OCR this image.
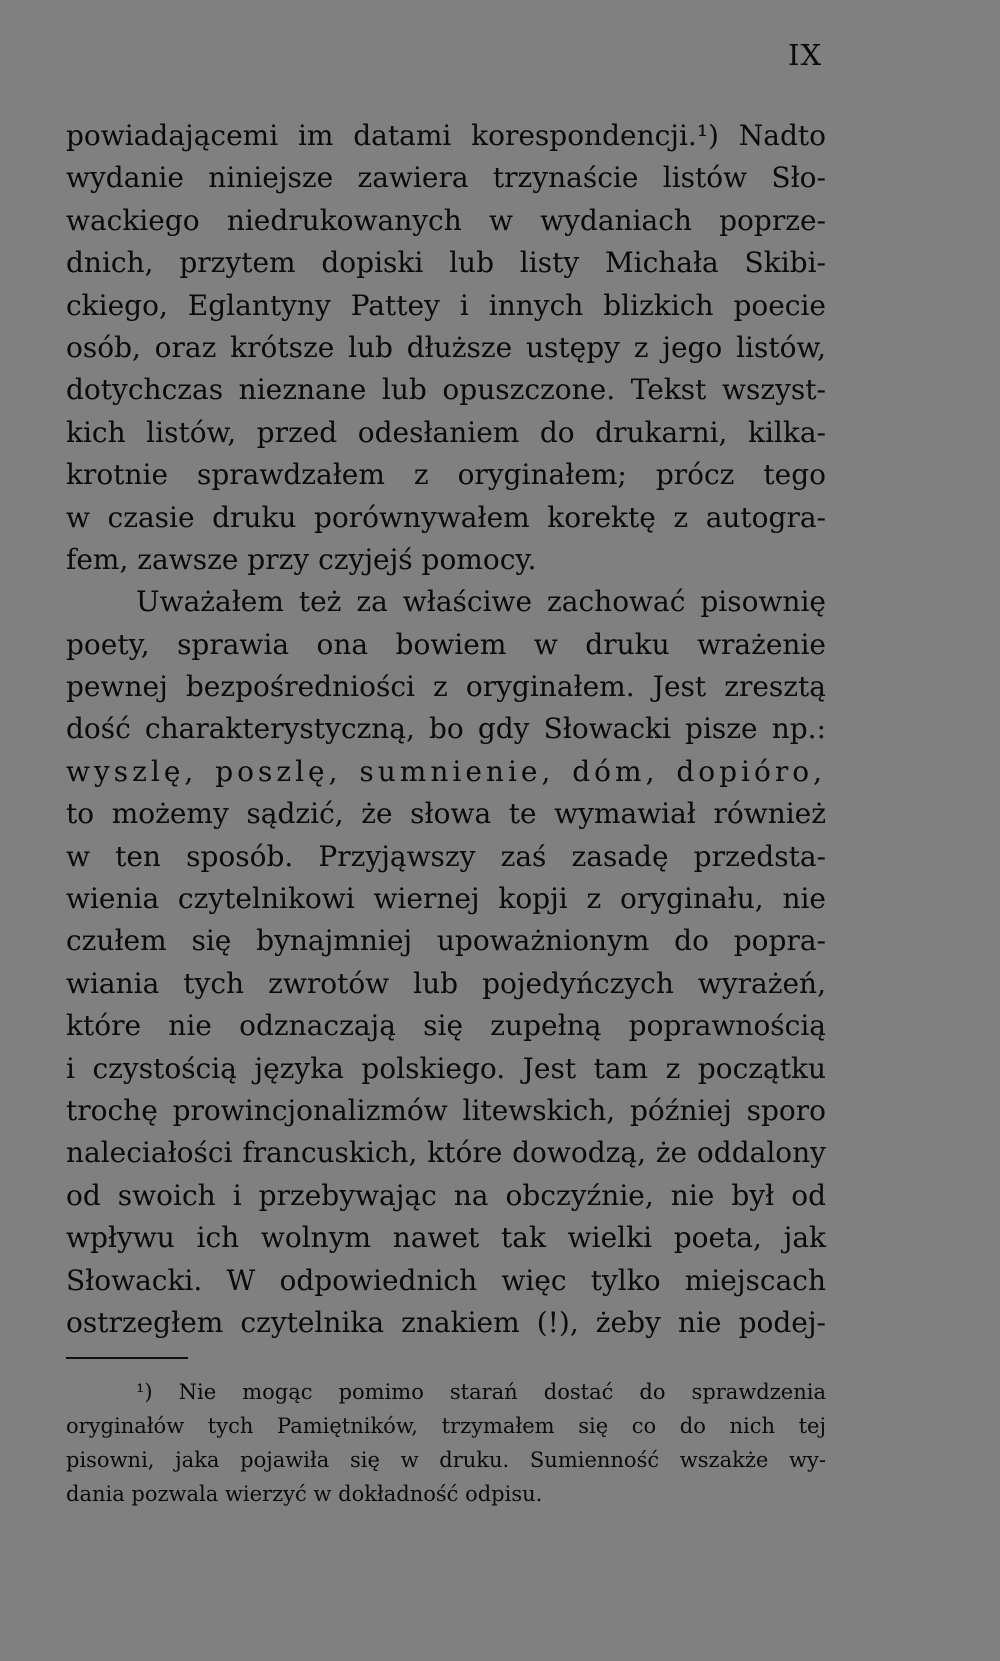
IX
powiadającemi im datami korespondencji.¹) Nadto
wydanie niniejsze zawiera trzynaście listów Sło-
wackiego niedrukowanych w wydaniach poprze-
dnich, przytem dopiski lub listy Michała Skibi-
ckiego, Eglantyny Pattey i innych blizkich poecie
osób, oraz krótsze lub dłuższe ustępy z jego listów,
dotychczas nieznane lub opuszczone. Tekst wszyst-
kich listów, przed odesłaniem do drukarni, kilka-
krotnie sprawdzałem z oryginałem; prócz tego
w czasie druku porównywałem korektę z autogra-
fem, zawsze przy czyjejś pomocy.
Uważałem też za właściwe zachować pisownię
poety, sprawia ona bowiem w druku wrażenie
pewnej bezpośredniości z oryginałem. Jest zresztą
dość charakterystyczną, bo gdy Słowacki pisze np.:
wyszlę, poszlę, sumnienie, dóm, dopióro,
to możemy sądzić, że słowa te wymawiał również
w ten sposób. Przyjąwszy zaś zasadę przedsta-
wienia czytelnikowi wiernej kopji z oryginału, nie
czułem się bynajmniej upoważnionym do popra-
wiania tych zwrotów lub pojedyńczych wyrażeń,
które nie odznaczają się zupełną poprawnością
i czystością języka polskiego. Jest tam z początku
trochę prowincjonalizmów litewskich, później sporo
naleciałości francuskich, które dowodzą, że oddalony
od swoich i przebywając na obczyźnie, nie był od
wpływu ich wolnym nawet tak wielki poeta, jak
Słowacki. W odpowiednich więc tylko miejscach
ostrzegłem czytelnika znakiem (!), żeby nie podej-
¹) Nie mogąc pomimo starań dostać do sprawdzenia
oryginałów tych Pamiętników, trzymałem się co do nich tej
pisowni, jaka pojawiła się w druku. Sumienność wszakże wy-
dania pozwala wierzyć w dokładność odpisu.
